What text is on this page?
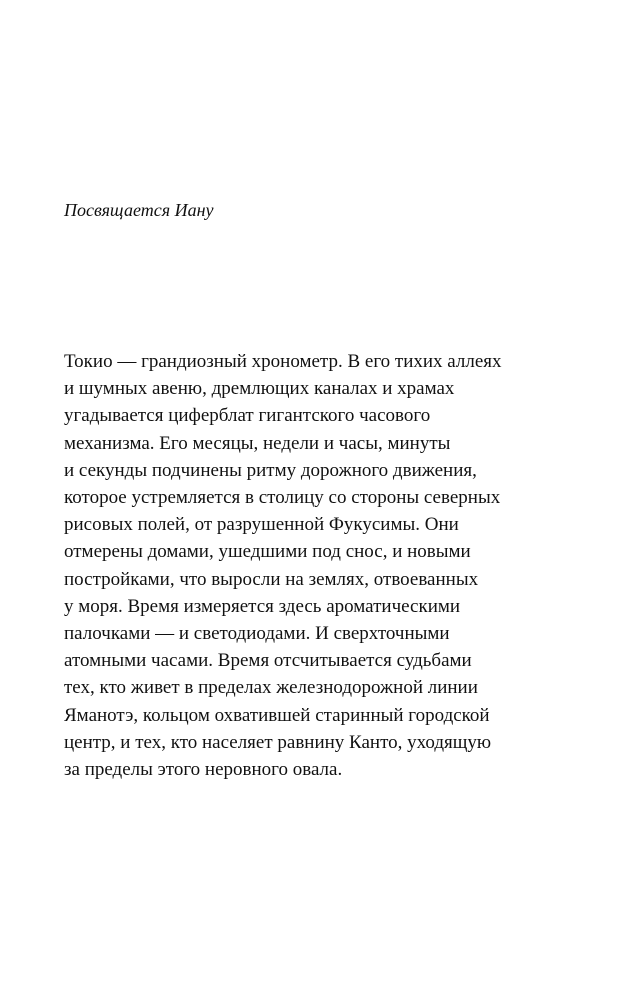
Посвящается Иану

Токио — грандиозный хронометр. В его тихих аллеях
и шумных авеню, дремлющих каналах и храмах
угадывается циферблат гигантского часового
механизма. Его месяцы, недели и часы, минуты
и секунды подчинены ритму дорожного движения,
которое устремляется в столицу со стороны северных
рисовых полей, от разрушенной Фукусимы. Они
отмерены домами, ушедшими под снос, и новыми
постройками, что выросли на землях, отвоеванных
у моря. Время измеряется здесь ароматическими
палочками — и светодиодами. И сверхточными
атомными часами. Время отсчитывается судьбами
тех, кто живет в пределах железнодорожной линии
Яманотэ, кольцом охватившей старинный городской
центр, и тех, кто населяет равнину Канто, уходящую
за пределы этого неровного овала.
